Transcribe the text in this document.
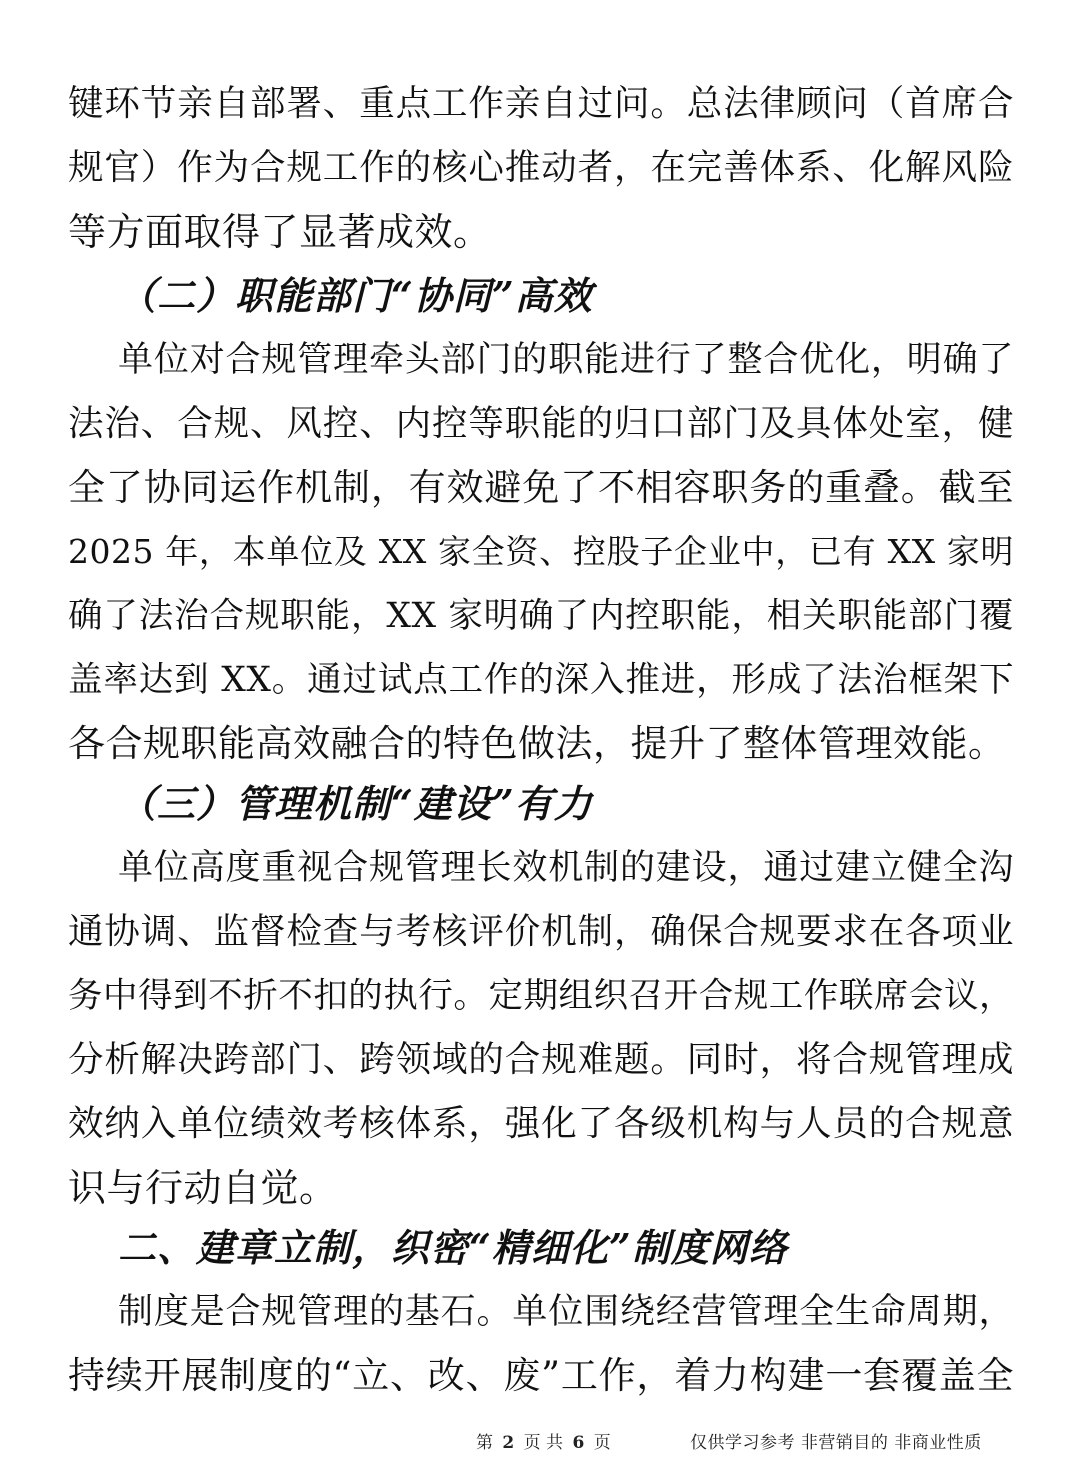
键环节亲自部署、重点工作亲自过问。总法律顾问（首席合
规官）作为合规工作的核心推动者，在完善体系、化解风险
等方面取得了显著成效。
（二）职能部门“协同”高效
单位对合规管理牵头部门的职能进行了整合优化，明确了
法治、合规、风控、内控等职能的归口部门及具体处室，健
全了协同运作机制，有效避免了不相容职务的重叠。截至
2025 年，本单位及 XX 家全资、控股子企业中，已有 XX 家明
确了法治合规职能，XX 家明确了内控职能，相关职能部门覆
盖率达到 XX。通过试点工作的深入推进，形成了法治框架下
各合规职能高效融合的特色做法，提升了整体管理效能。
（三）管理机制“建设”有力
单位高度重视合规管理长效机制的建设，通过建立健全沟
通协调、监督检查与考核评价机制，确保合规要求在各项业
务中得到不折不扣的执行。定期组织召开合规工作联席会议，
分析解决跨部门、跨领域的合规难题。同时，将合规管理成
效纳入单位绩效考核体系，强化了各级机构与人员的合规意
识与行动自觉。
二、建章立制，织密“精细化”制度网络
制度是合规管理的基石。单位围绕经营管理全生命周期，
持续开展制度的“立、改、废”工作，着力构建一套覆盖全
第 2 页 共 6 页	仅供学习参考 非营销目的 非商业性质
